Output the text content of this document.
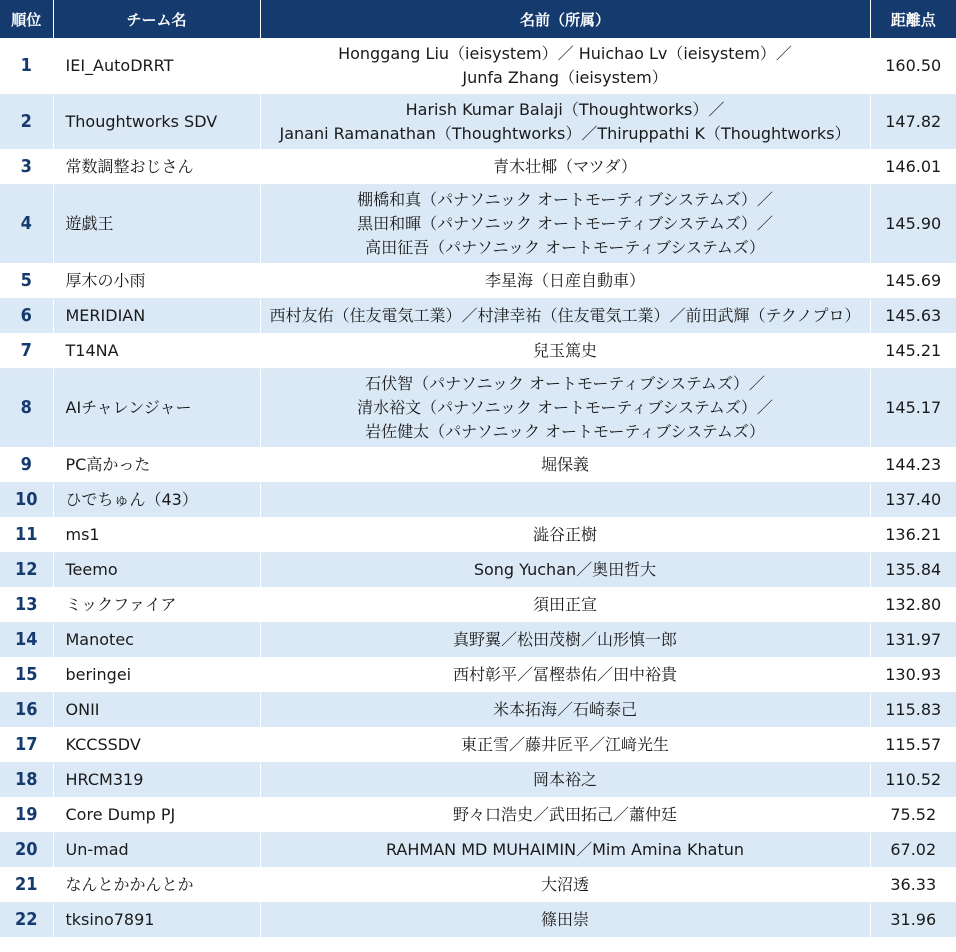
順位	チーム名	名前（所属）	距離点
1	IEI_AutoDRRT	Honggang Liu（ieisystem）／ Huichao Lv（ieisystem）／
Junfa Zhang（ieisystem）	160.50
2	Thoughtworks SDV	Harish Kumar Balaji（Thoughtworks）／
Janani Ramanathan（Thoughtworks）／Thiruppathi K（Thoughtworks）	147.82
3	常数調整おじさん	青木壮椰（マツダ）	146.01
4	遊戯王	棚橋和真（パナソニック オートモーティブシステムズ）／
黒田和暉（パナソニック オートモーティブシステムズ）／
高田征吾（パナソニック オートモーティブシステムズ）	145.90
5	厚木の小雨	李星海（日産自動車）	145.69
6	MERIDIAN	西村友佑（住友電気工業）／村津幸祐（住友電気工業）／前田武輝（テクノプロ）	145.63
7	T14NA	兒玉篤史	145.21
8	AIチャレンジャー	石伏智（パナソニック オートモーティブシステムズ）／
清水裕文（パナソニック オートモーティブシステムズ）／
岩佐健太（パナソニック オートモーティブシステムズ）	145.17
9	PC高かった	堀保義	144.23
10	ひでちゅん（43）		137.40
11	ms1	澁谷正樹	136.21
12	Teemo	Song Yuchan／奥田哲大	135.84
13	ミックファイア	須田正宣	132.80
14	Manotec	真野翼／松田茂樹／山形慎一郎	131.97
15	beringei	西村彰平／冨樫恭佑／田中裕貴	130.93
16	ONII	米本拓海／石崎泰己	115.83
17	KCCSSDV	東正雪／藤井匠平／江﨑光生	115.57
18	HRCM319	岡本裕之	110.52
19	Core Dump PJ	野々口浩史／武田拓己／蕭仲廷	75.52
20	Un-mad	RAHMAN MD MUHAIMIN／Mim Amina Khatun	67.02
21	なんとかかんとか	大沼透	36.33
22	tksino7891	篠田崇	31.96
